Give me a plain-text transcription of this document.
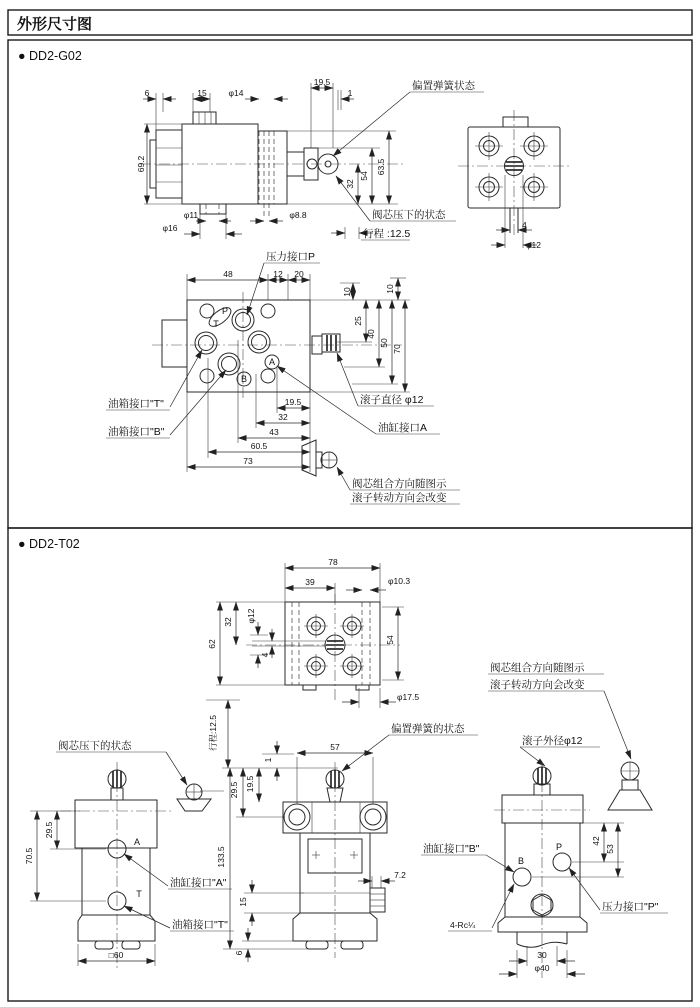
外形尺寸图
● DD2-G02
● DD2-T02
6	15	φ14
19.5
1
69.2
32
54
63.5
φ11
φ16
φ8.8
偏置弹簧状态
阀芯压下的状态
行程 :12.5
4
φ12
P
T
B
A
48	12 20
10	10
25
40
50
70
19.5
32
43
60.5
73
压力接口P
油箱接口"T"
油箱接口"B"
滚子直径 φ12
油缸接口A
阀芯组合方向随图示
滚子转动方向会改变
78
39	φ10.3
62
32 φ12
4
54
φ17.5
阀芯组合方向随图示
滚子转动方向会改变
滚子外径φ12
A
T
29.5
70.5
□60
油缸接口"A"
油箱接口"T"
阀芯压下的状态	行程:12.5
1
19.5
29.5
133.5
15
6
57
偏置弹簧的状态
7.2
B
P
42
53
30
φ40
油缸接口"B"
压力接口"P"
4-Rc¼
